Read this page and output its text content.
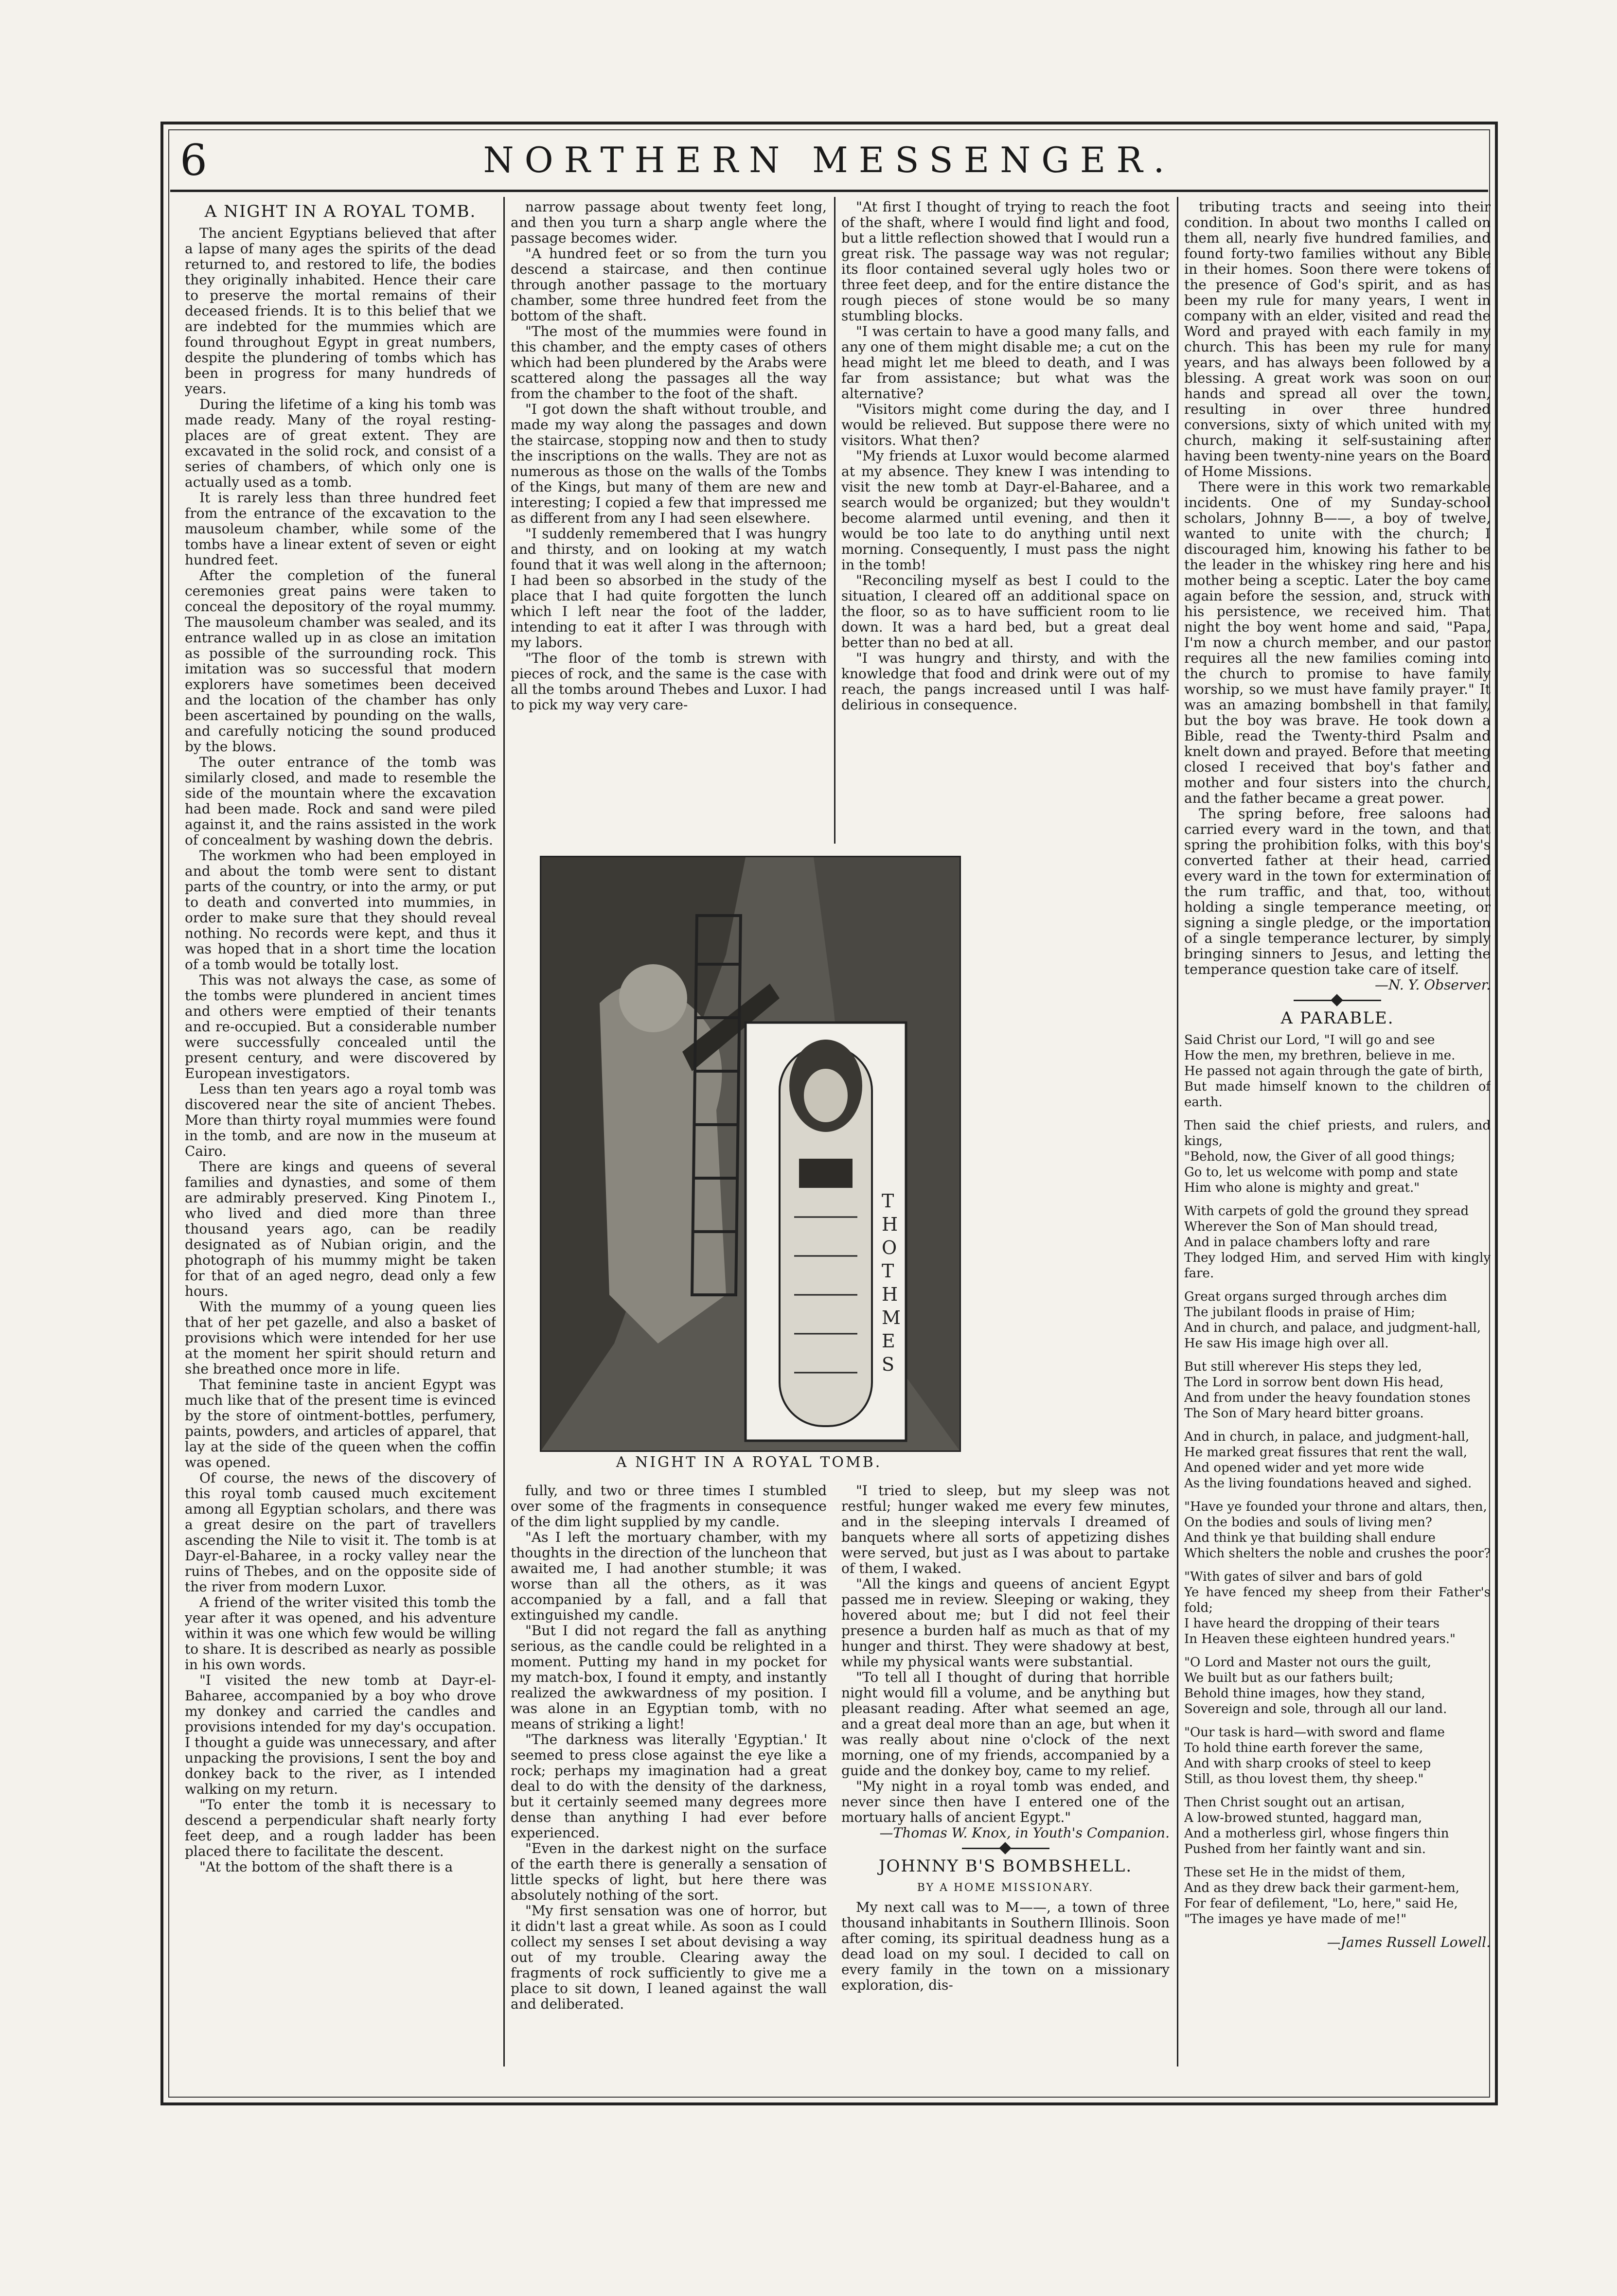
6	NORTHERN MESSENGER.
A NIGHT IN A ROYAL TOMB.

The ancient Egyptians believed that after a lapse of many ages the spirits of the dead returned to, and restored to life, the bodies they originally inhabited. Hence their care to preserve the mortal remains of their deceased friends. It is to this belief that we are indebted for the mummies which are found throughout Egypt in great numbers, despite the plundering of tombs which has been in progress for many hundreds of years.

During the lifetime of a king his tomb was made ready. Many of the royal resting-places are of great extent. They are excavated in the solid rock, and consist of a series of chambers, of which only one is actually used as a tomb.

It is rarely less than three hundred feet from the entrance of the excavation to the mausoleum chamber, while some of the tombs have a linear extent of seven or eight hundred feet.

After the completion of the funeral ceremonies great pains were taken to conceal the depository of the royal mummy. The mausoleum chamber was sealed, and its entrance walled up in as close an imitation as possible of the surrounding rock. This imitation was so successful that modern explorers have sometimes been deceived and the location of the chamber has only been ascertained by pounding on the walls, and carefully noticing the sound produced by the blows.

The outer entrance of the tomb was similarly closed, and made to resemble the side of the mountain where the excavation had been made. Rock and sand were piled against it, and the rains assisted in the work of concealment by washing down the debris.

The workmen who had been employed in and about the tomb were sent to distant parts of the country, or into the army, or put to death and converted into mummies, in order to make sure that they should reveal nothing. No records were kept, and thus it was hoped that in a short time the location of a tomb would be totally lost.

This was not always the case, as some of the tombs were plundered in ancient times and others were emptied of their tenants and re-occupied. But a considerable number were successfully concealed until the present century, and were discovered by European investigators.

Less than ten years ago a royal tomb was discovered near the site of ancient Thebes. More than thirty royal mummies were found in the tomb, and are now in the museum at Cairo.

There are kings and queens of several families and dynasties, and some of them are admirably preserved. King Pinotem I., who lived and died more than three thousand years ago, can be readily designated as of Nubian origin, and the photograph of his mummy might be taken for that of an aged negro, dead only a few hours.

With the mummy of a young queen lies that of her pet gazelle, and also a basket of provisions which were intended for her use at the moment her spirit should return and she breathed once more in life.

That feminine taste in ancient Egypt was much like that of the present time is evinced by the store of ointment-bottles, perfumery, paints, powders, and articles of apparel, that lay at the side of the queen when the coffin was opened.

Of course, the news of the discovery of this royal tomb caused much excitement among all Egyptian scholars, and there was a great desire on the part of travellers ascending the Nile to visit it. The tomb is at Dayr-el-Baharee, in a rocky valley near the ruins of Thebes, and on the opposite side of the river from modern Luxor.

A friend of the writer visited this tomb the year after it was opened, and his adventure within it was one which few would be willing to share. It is described as nearly as possible in his own words.

"I visited the new tomb at Dayr-el-Baharee, accompanied by a boy who drove my donkey and carried the candles and provisions intended for my day's occupation. I thought a guide was unnecessary, and after unpacking the provisions, I sent the boy and donkey back to the river, as I intended walking on my return.

"To enter the tomb it is necessary to descend a perpendicular shaft nearly forty feet deep, and a rough ladder has been placed there to facilitate the descent.

"At the bottom of the shaft there is a

narrow passage about twenty feet long, and then you turn a sharp angle where the passage becomes wider.

"A hundred feet or so from the turn you descend a staircase, and then continue through another passage to the mortuary chamber, some three hundred feet from the bottom of the shaft.

"The most of the mummies were found in this chamber, and the empty cases of others which had been plundered by the Arabs were scattered along the passages all the way from the chamber to the foot of the shaft.

"I got down the shaft without trouble, and made my way along the passages and down the staircase, stopping now and then to study the inscriptions on the walls. They are not as numerous as those on the walls of the Tombs of the Kings, but many of them are new and interesting; I copied a few that impressed me as different from any I had seen elsewhere.

"I suddenly remembered that I was hungry and thirsty, and on looking at my watch found that it was well along in the afternoon; I had been so absorbed in the study of the place that I had quite forgotten the lunch which I left near the foot of the ladder, intending to eat it after I was through with my labors.

"The floor of the tomb is strewn with pieces of rock, and the same is the case with all the tombs around Thebes and Luxor. I had to pick my way very care-

"At first I thought of trying to reach the foot of the shaft, where I would find light and food, but a little reflection showed that I would run a great risk. The passage way was not regular; its floor contained several ugly holes two or three feet deep, and for the entire distance the rough pieces of stone would be so many stumbling blocks.

"I was certain to have a good many falls, and any one of them might disable me; a cut on the head might let me bleed to death, and I was far from assistance; but what was the alternative?

"Visitors might come during the day, and I would be relieved. But suppose there were no visitors. What then?

"My friends at Luxor would become alarmed at my absence. They knew I was intending to visit the new tomb at Dayr-el-Baharee, and a search would be organized; but they wouldn't become alarmed until evening, and then it would be too late to do anything until next morning. Consequently, I must pass the night in the tomb!

"Reconciling myself as best I could to the situation, I cleared off an additional space on the floor, so as to have sufficient room to lie down. It was a hard bed, but a great deal better than no bed at all.

"I was hungry and thirsty, and with the knowledge that food and drink were out of my reach, the pangs increased until I was half-delirious in consequence.

T
H
O
T
H
M
E
S
A NIGHT IN A ROYAL TOMB.

fully, and two or three times I stumbled over some of the fragments in consequence of the dim light supplied by my candle.

"As I left the mortuary chamber, with my thoughts in the direction of the luncheon that awaited me, I had another stumble; it was worse than all the others, as it was accompanied by a fall, and a fall that extinguished my candle.

"But I did not regard the fall as anything serious, as the candle could be relighted in a moment. Putting my hand in my pocket for my match-box, I found it empty, and instantly realized the awkwardness of my position. I was alone in an Egyptian tomb, with no means of striking a light!

"The darkness was literally 'Egyptian.' It seemed to press close against the eye like a rock; perhaps my imagination had a great deal to do with the density of the darkness, but it certainly seemed many degrees more dense than anything I had ever before experienced.

"Even in the darkest night on the surface of the earth there is generally a sensation of little specks of light, but here there was absolutely nothing of the sort.

"My first sensation was one of horror, but it didn't last a great while. As soon as I could collect my senses I set about devising a way out of my trouble. Clearing away the fragments of rock sufficiently to give me a place to sit down, I leaned against the wall and deliberated.

"I tried to sleep, but my sleep was not restful; hunger waked me every few minutes, and in the sleeping intervals I dreamed of banquets where all sorts of appetizing dishes were served, but just as I was about to partake of them, I waked.

"All the kings and queens of ancient Egypt passed me in review. Sleeping or waking, they hovered about me; but I did not feel their presence a burden half as much as that of my hunger and thirst. They were shadowy at best, while my physical wants were substantial.

"To tell all I thought of during that horrible night would fill a volume, and be anything but pleasant reading. After what seemed an age, and a great deal more than an age, but when it was really about nine o'clock of the next morning, one of my friends, accompanied by a guide and the donkey boy, came to my relief.

"My night in a royal tomb was ended, and never since then have I entered one of the mortuary halls of ancient Egypt."

—Thomas W. Knox, in Youth's Companion.
JOHNNY B'S BOMBSHELL.
BY A HOME MISSIONARY.

My next call was to M——, a town of three thousand inhabitants in Southern Illinois. Soon after coming, its spiritual deadness hung as a dead load on my soul. I decided to call on every family in the town on a missionary exploration, dis-

tributing tracts and seeing into their condition. In about two months I called on them all, nearly five hundred families, and found forty-two families without any Bible in their homes. Soon there were tokens of the presence of God's spirit, and as has been my rule for many years, I went in company with an elder, visited and read the Word and prayed with each family in my church. This has been my rule for many years, and has always been followed by a blessing. A great work was soon on our hands and spread all over the town, resulting in over three hundred conversions, sixty of which united with my church, making it self-sustaining after having been twenty-nine years on the Board of Home Missions.

There were in this work two remarkable incidents. One of my Sunday-school scholars, Johnny B——, a boy of twelve, wanted to unite with the church; I discouraged him, knowing his father to be the leader in the whiskey ring here and his mother being a sceptic. Later the boy came again before the session, and, struck with his persistence, we received him. That night the boy went home and said, "Papa, I'm now a church member, and our pastor requires all the new families coming into the church to promise to have family worship, so we must have family prayer." It was an amazing bombshell in that family, but the boy was brave. He took down a Bible, read the Twenty-third Psalm and knelt down and prayed. Before that meeting closed I received that boy's father and mother and four sisters into the church, and the father became a great power.

The spring before, free saloons had carried every ward in the town, and that spring the prohibition folks, with this boy's converted father at their head, carried every ward in the town for extermination of the rum traffic, and that, too, without holding a single temperance meeting, or signing a single pledge, or the importation of a single temperance lecturer, by simply bringing sinners to Jesus, and letting the temperance question take care of itself.

—N. Y. Observer.
A PARABLE.
Said Christ our Lord, "I will go and see
How the men, my brethren, believe in me.
He passed not again through the gate of birth,
But made himself known to the children of earth.
Then said the chief priests, and rulers, and kings,
"Behold, now, the Giver of all good things;
Go to, let us welcome with pomp and state
Him who alone is mighty and great."
With carpets of gold the ground they spread
Wherever the Son of Man should tread,
And in palace chambers lofty and rare
They lodged Him, and served Him with kingly fare.
Great organs surged through arches dim
The jubilant floods in praise of Him;
And in church, and palace, and judgment-hall,
He saw His image high over all.
But still wherever His steps they led,
The Lord in sorrow bent down His head,
And from under the heavy foundation stones
The Son of Mary heard bitter groans.
And in church, in palace, and judgment-hall,
He marked great fissures that rent the wall,
And opened wider and yet more wide
As the living foundations heaved and sighed.
"Have ye founded your throne and altars, then,
On the bodies and souls of living men?
And think ye that building shall endure
Which shelters the noble and crushes the poor?
"With gates of silver and bars of gold
Ye have fenced my sheep from their Father's fold;
I have heard the dropping of their tears
In Heaven these eighteen hundred years."
"O Lord and Master not ours the guilt,
We built but as our fathers built;
Behold thine images, how they stand,
Sovereign and sole, through all our land.
"Our task is hard—with sword and flame
To hold thine earth forever the same,
And with sharp crooks of steel to keep
Still, as thou lovest them, thy sheep."
Then Christ sought out an artisan,
A low-browed stunted, haggard man,
And a motherless girl, whose fingers thin
Pushed from her faintly want and sin.
These set He in the midst of them,
And as they drew back their garment-hem,
For fear of defilement, "Lo, here," said He,
"The images ye have made of me!"
—James Russell Lowell.
